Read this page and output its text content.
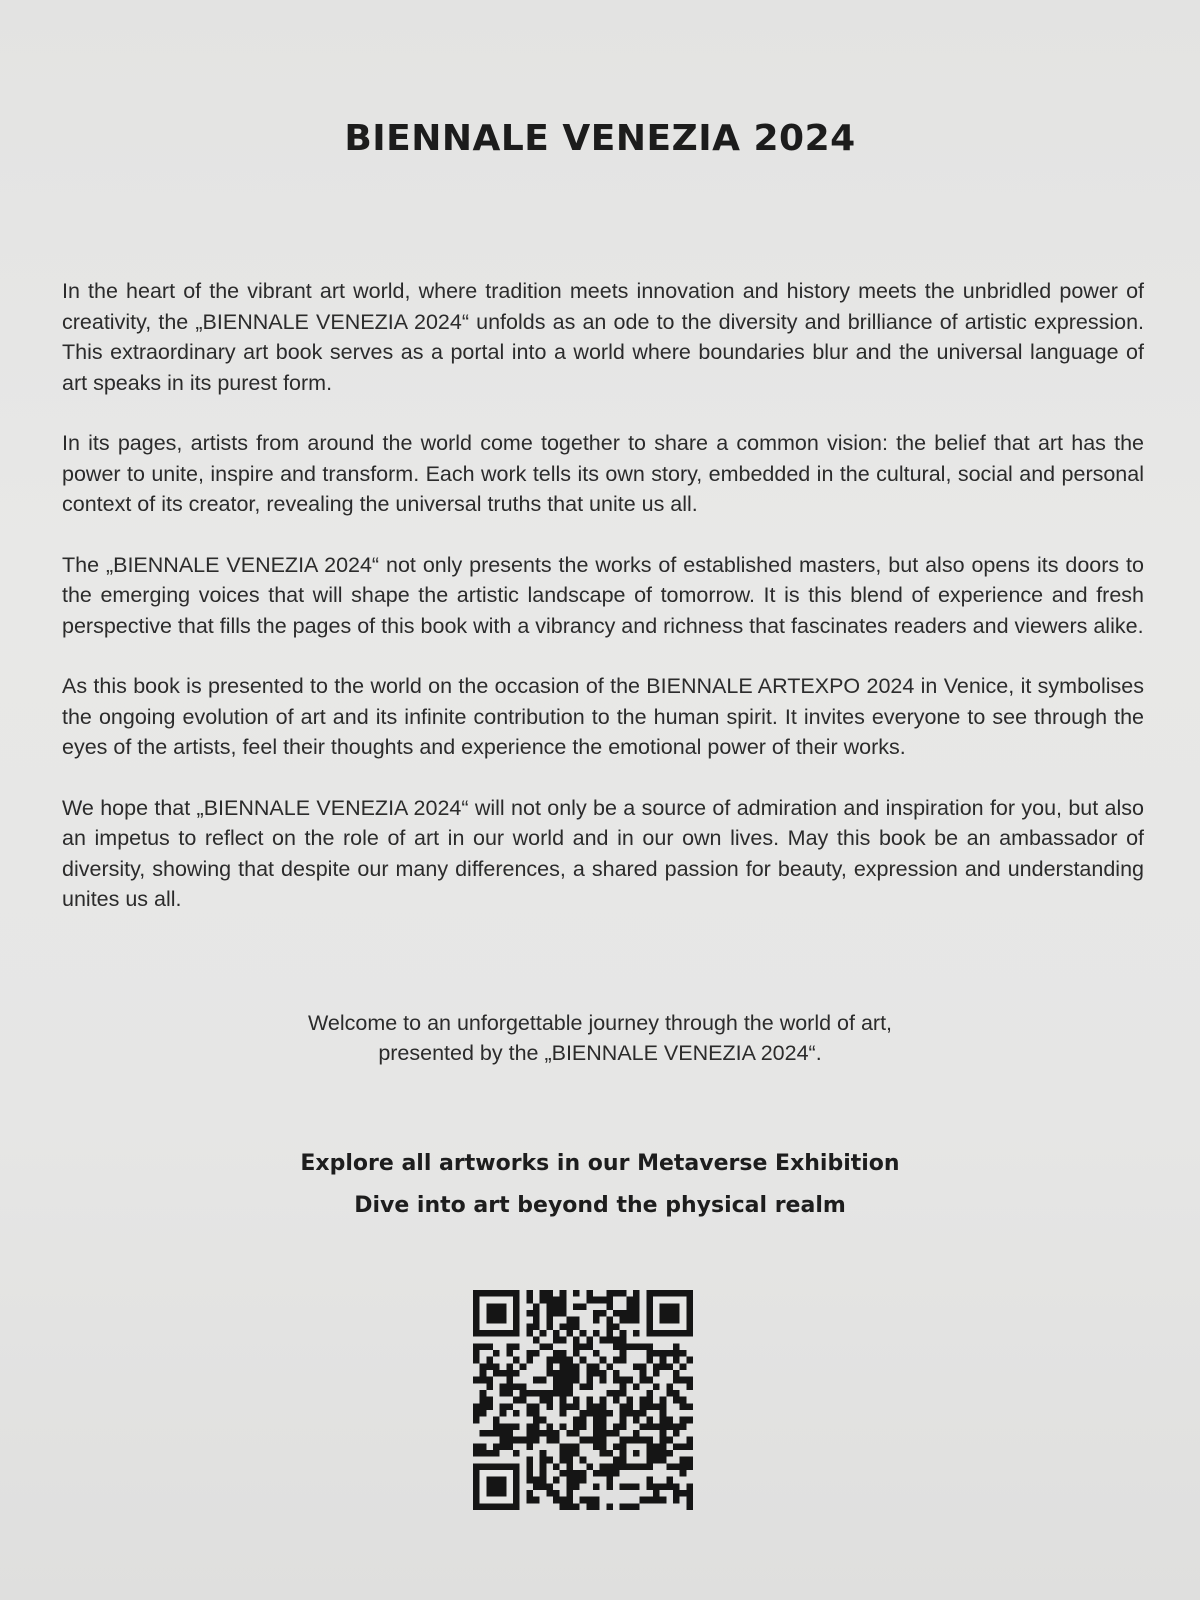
BIENNALE VENEZIA 2024

In the heart of the vibrant art world, where tradition meets innovation and history meets the unbridled power of creativity, the „BIENNALE VENEZIA 2024“ unfolds as an ode to the diversity and brilliance of artistic expression. This extraordinary art book serves as a portal into a world where boundaries blur and the universal language of art speaks in its purest form.

In its pages, artists from around the world come together to share a common vision: the belief that art has the power to unite, inspire and transform. Each work tells its own story, embedded in the cultural, social and personal context of its creator, revealing the universal truths that unite us all.

The „BIENNALE VENEZIA 2024“ not only presents the works of established masters, but also opens its doors to the emerging voices that will shape the artistic landscape of tomorrow. It is this blend of experience and fresh perspective that fills the pages of this book with a vibrancy and richness that fascinates readers and viewers alike.

As this book is presented to the world on the occasion of the BIENNALE ARTEXPO 2024 in Venice, it symbolises the ongoing evolution of art and its infinite contribution to the human spirit. It invites everyone to see through the eyes of the artists, feel their thoughts and experience the emotional power of their works.

We hope that „BIENNALE VENEZIA 2024“ will not only be a source of admiration and inspiration for you, but also an impetus to reflect on the role of art in our world and in our own lives. May this book be an ambassador of diversity, showing that despite our many differences, a shared passion for beauty, expression and understanding unites us all.

Welcome to an unforgettable journey through the world of art,
presented by the „BIENNALE VENEZIA 2024“.
Explore all artworks in our Metaverse Exhibition
Dive into art beyond the physical realm
